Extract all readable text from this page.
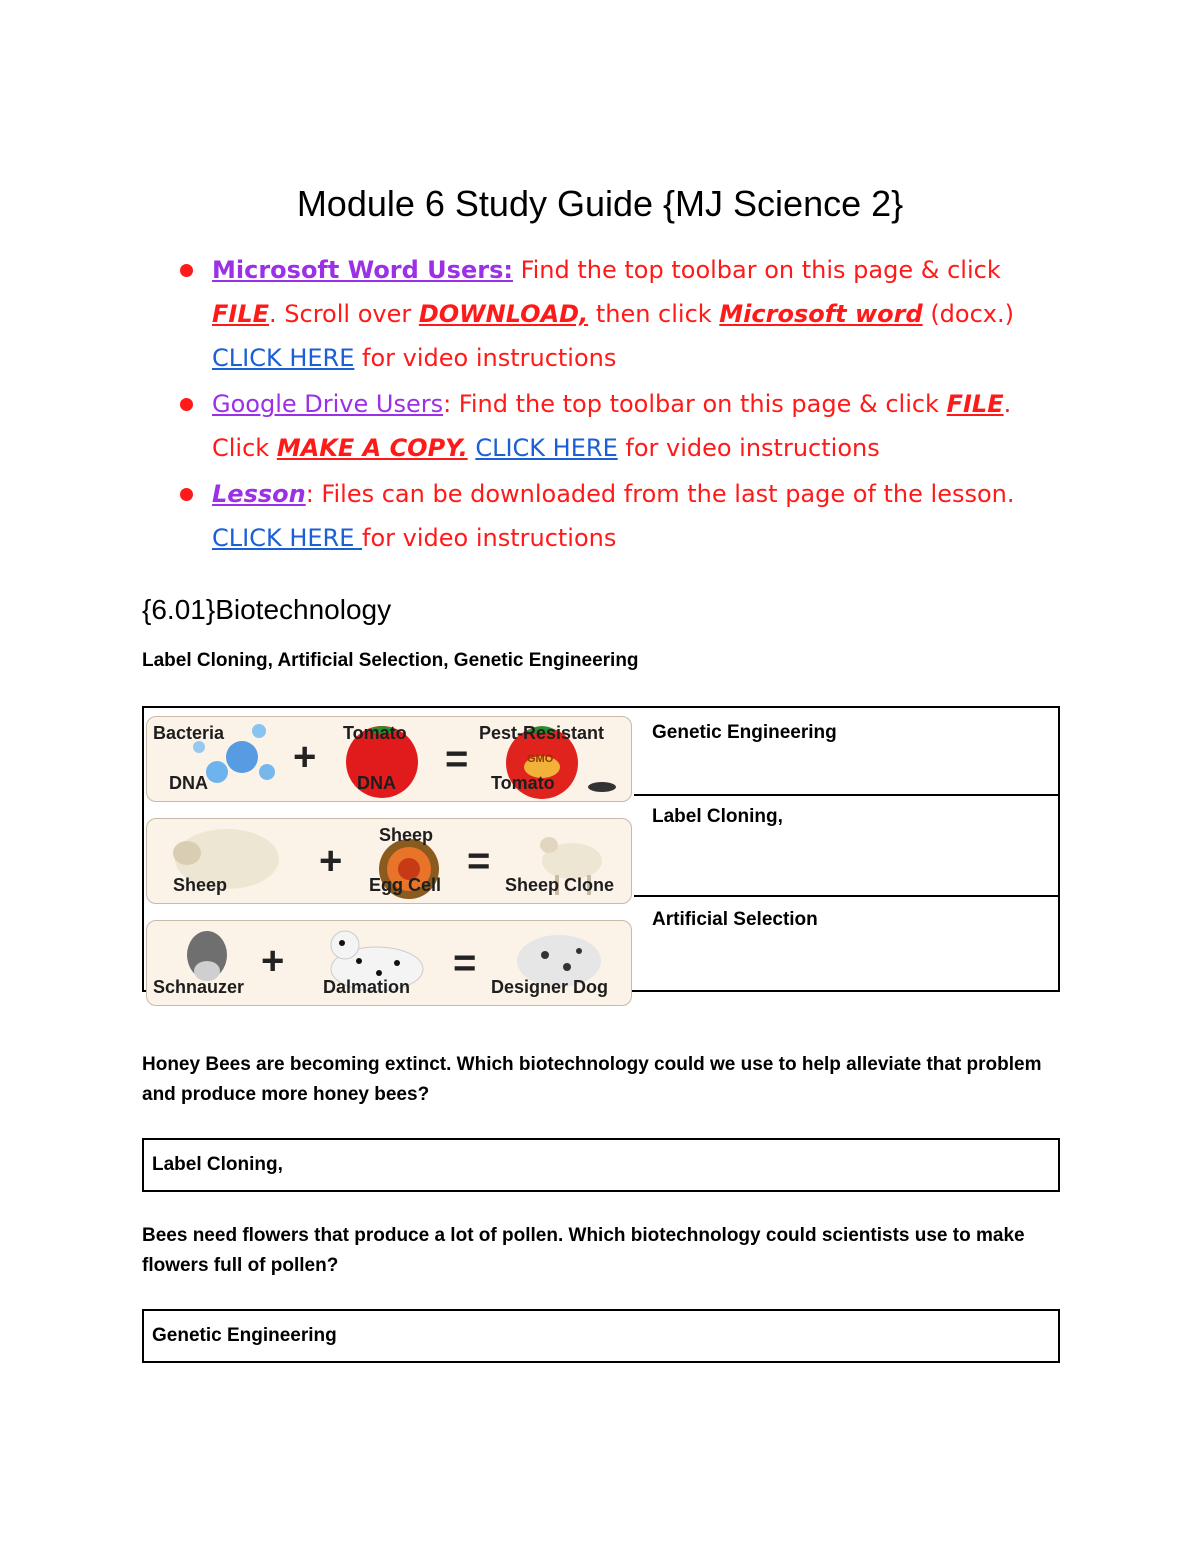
Module 6 Study Guide {MJ Science 2}
Microsoft Word Users: Find the top toolbar on this page & click FILE. Scroll over DOWNLOAD, then click Microsoft word (docx.) CLICK HERE for video instructions
Google Drive Users: Find the top toolbar on this page & click FILE. Click MAKE A COPY. CLICK HERE for video instructions
Lesson: Files can be downloaded from the last page of the lesson. CLICK HERE for video instructions
{6.01}Biotechnology
Label Cloning, Artificial Selection, Genetic Engineering
Bacteria
DNA
+
Tomato
DNA
=
Pest-Resistant
Tomato
GMO
Sheep
+
Sheep
Egg Cell
=
Sheep Clone
Schnauzer
+
Dalmation
=
Designer Dog
Genetic Engineering
Label Cloning,
Artificial Selection
Honey Bees are becoming extinct. Which biotechnology could we use to help alleviate that problem and produce more honey bees?
Label Cloning,
Bees need flowers that produce a lot of pollen. Which biotechnology could scientists use to make flowers full of pollen?
Genetic Engineering
